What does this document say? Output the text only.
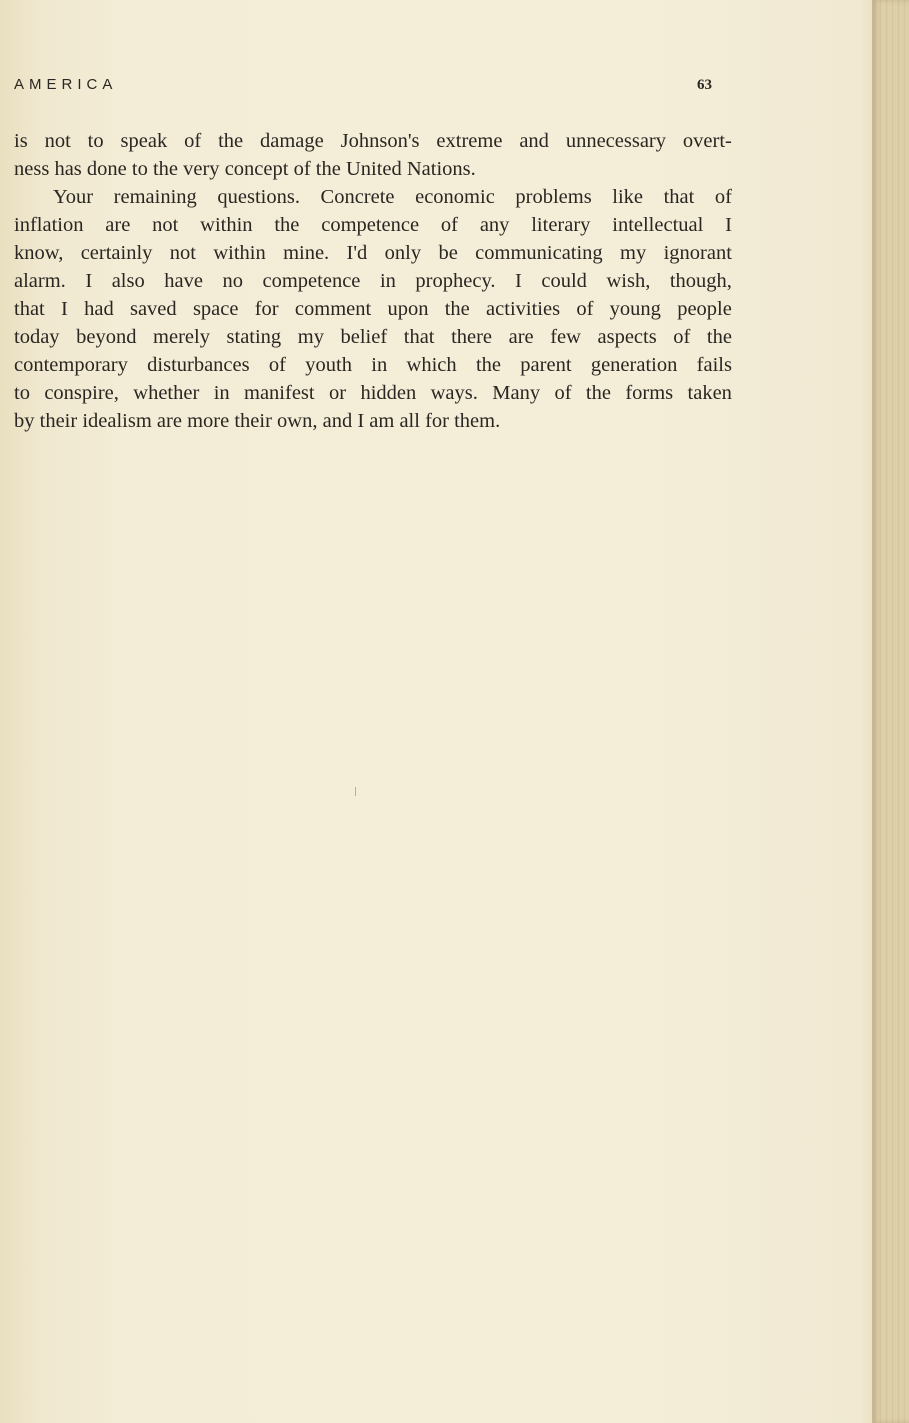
AMERICA	63
is not to speak of the damage Johnson's extreme and unnecessary overt-
ness has done to the very concept of the United Nations.
Your remaining questions. Concrete economic problems like that of
inflation are not within the competence of any literary intellectual I
know, certainly not within mine. I'd only be communicating my ignorant
alarm. I also have no competence in prophecy. I could wish, though,
that I had saved space for comment upon the activities of young people
today beyond merely stating my belief that there are few aspects of the
contemporary disturbances of youth in which the parent generation fails
to conspire, whether in manifest or hidden ways. Many of the forms taken
by their idealism are more their own, and I am all for them.
